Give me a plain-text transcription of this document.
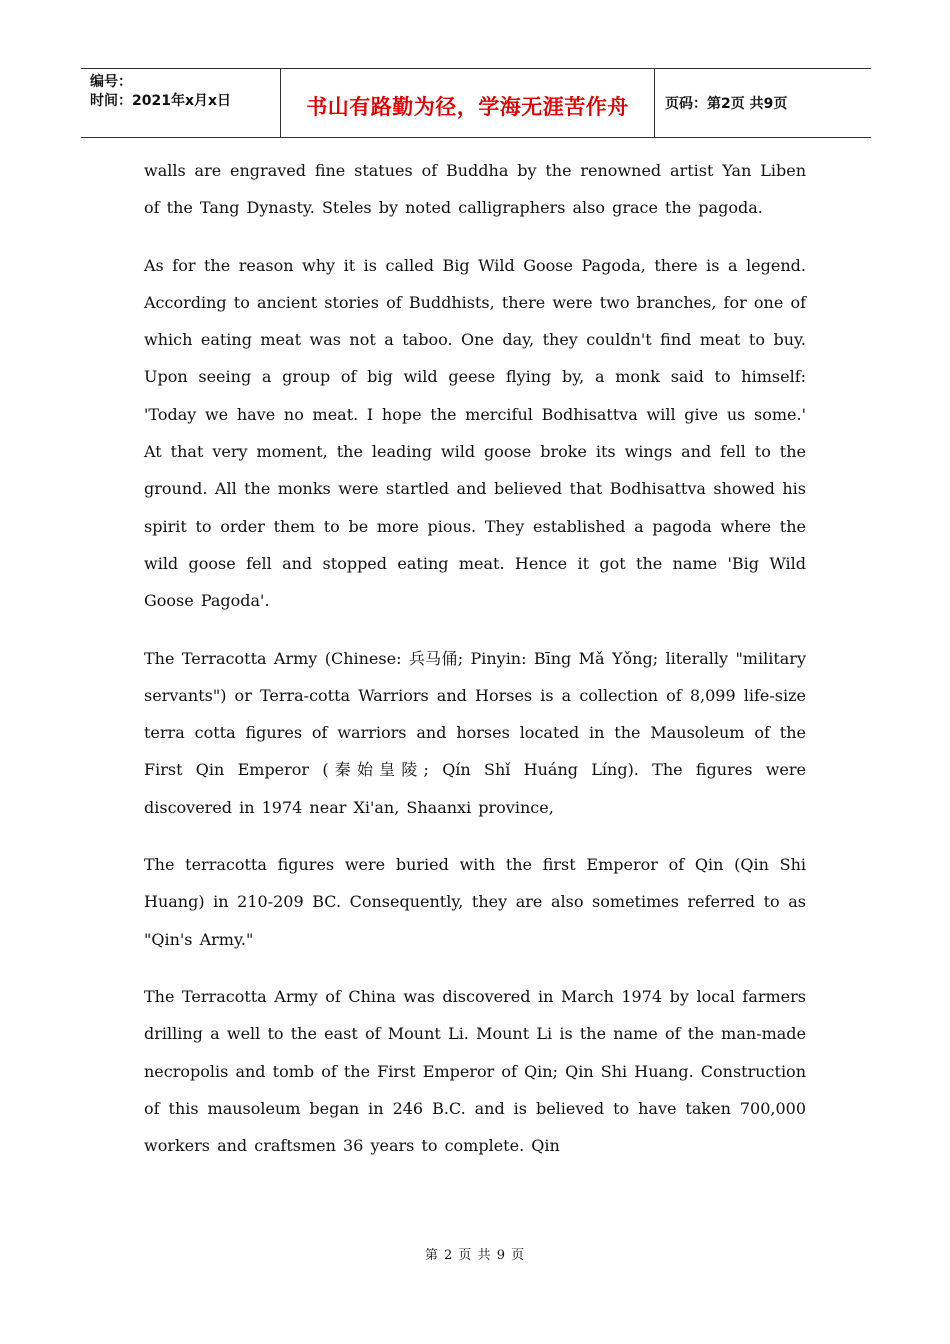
编号：
时间：2021年x月x日	书山有路勤为径，学海无涯苦作舟	页码：第2页 共9页

walls are engraved fine statues of Buddha by the renowned artist Yan Liben of the Tang Dynasty. Steles by noted calligraphers also grace the pagoda.

As for the reason why it is called Big Wild Goose Pagoda, there is a legend. According to ancient stories of Buddhists, there were two branches, for one of which eating meat was not a taboo. One day, they couldn't find meat to buy. Upon seeing a group of big wild geese flying by, a monk said to himself: 'Today we have no meat. I hope the merciful Bodhisattva will give us some.' At that very moment, the leading wild goose broke its wings and fell to the ground. All the monks were startled and believed that Bodhisattva showed his spirit to order them to be more pious. They established a pagoda where the wild goose fell and stopped eating meat. Hence it got the name 'Big Wild Goose Pagoda'.

The Terracotta Army (Chinese: 兵马俑; Pinyin: Bīng Mǎ Yǒng; literally "military servants") or Terra-cotta Warriors and Horses is a collection of 8,099 life-size terra cotta figures of warriors and horses located in the Mausoleum of the First Qin Emperor (秦始皇陵; Qín Shǐ Huáng Líng). The figures were discovered in 1974 near Xi'an, Shaanxi province,

The terracotta figures were buried with the first Emperor of Qin (Qin Shi Huang) in 210-209 BC. Consequently, they are also sometimes referred to as "Qin's Army."

The Terracotta Army of China was discovered in March 1974 by local farmers drilling a well to the east of Mount Li. Mount Li is the name of the man-made necropolis and tomb of the First Emperor of Qin; Qin Shi Huang. Construction of this mausoleum began in 246 B.C. and is believed to have taken 700,000 workers and craftsmen 36 years to complete. Qin

第 2 页 共 9 页
